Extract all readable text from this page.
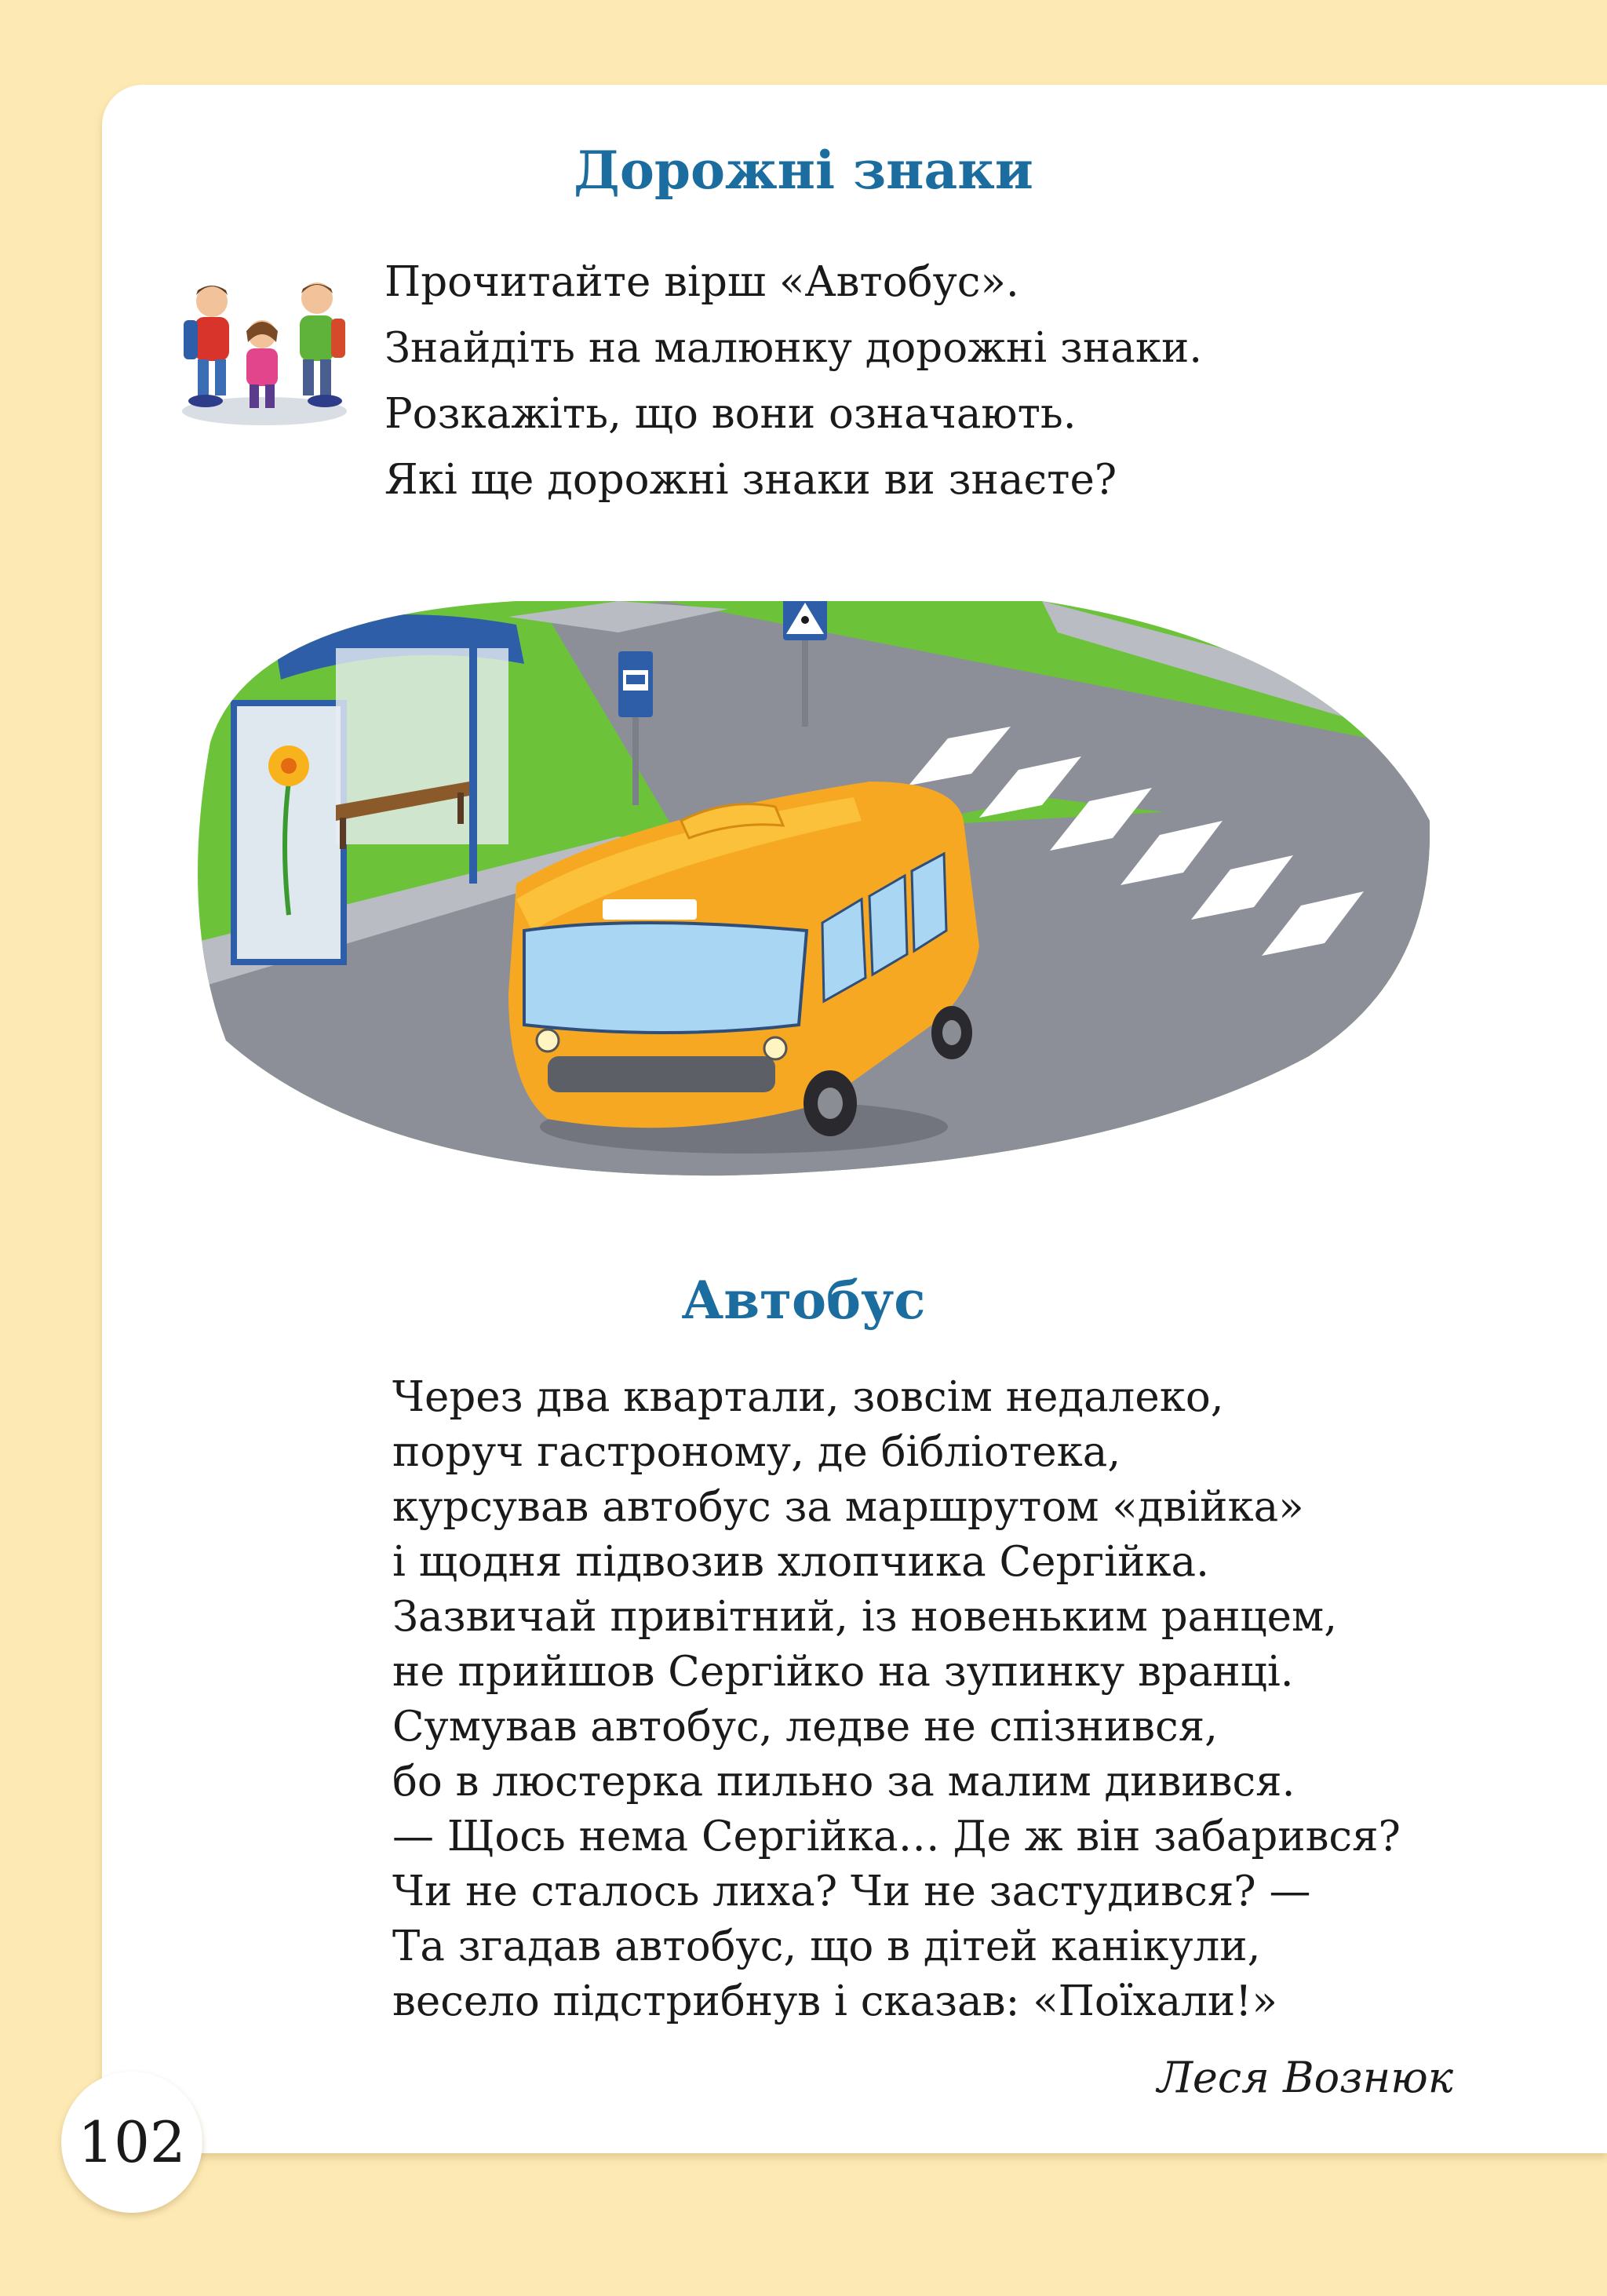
Дорожні знаки
Прочитайте вірш «Автобус».
Знайдіть на малюнку дорожні знаки.
Розкажіть, що вони означають.
Які ще дорожні знаки ви знаєте?
Автобус
Через два квартали, зовсім недалеко,
поруч гастроному, де бібліотека,
курсував автобус за маршрутом «двійка»
і щодня підвозив хлопчика Сергійка.
Зазвичай привітний, із новеньким ранцем,
не прийшов Сергійко на зупинку вранці.
Сумував автобус, ледве не спізнився,
бо в люстерка пильно за малим дивився.
— Щось нема Сергійка… Де ж він забарився?
Чи не сталось лиха? Чи не застудився? —
Та згадав автобус, що в дітей канікули,
весело підстрибнув і сказав: «Поїхали!»

Леся Вознюк

102
